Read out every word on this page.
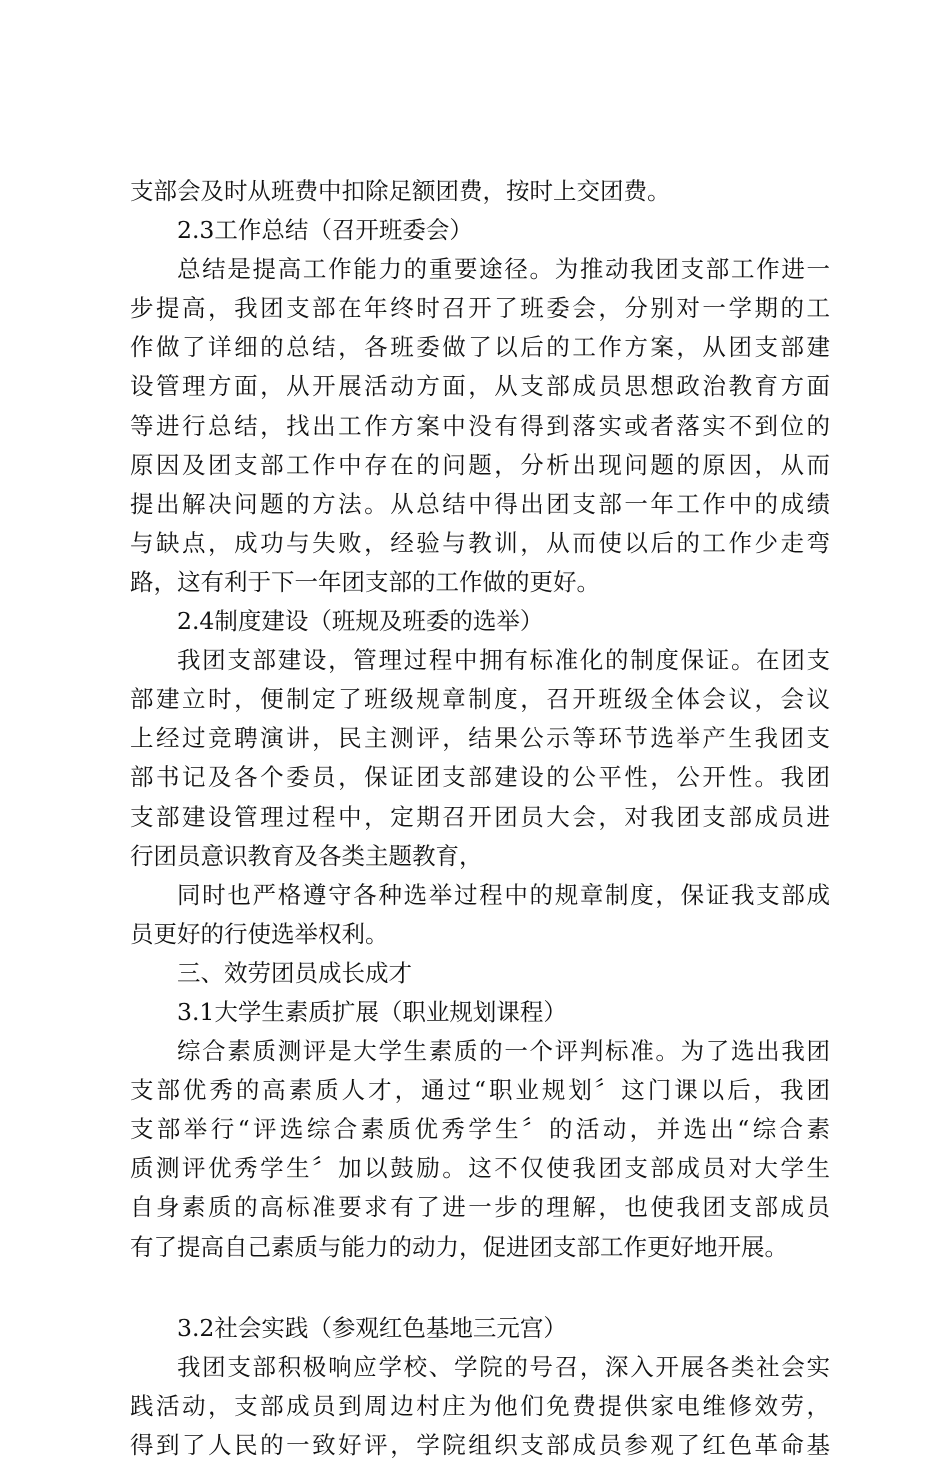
支部会及时从班费中扣除足额团费，按时上交团费。
2.3工作总结（召开班委会）
总结是提高工作能力的重要途径。为推动我团支部工作进一
步提高，我团支部在年终时召开了班委会，分别对一学期的工
作做了详细的总结，各班委做了以后的工作方案，从团支部建
设管理方面，从开展活动方面，从支部成员思想政治教育方面
等进行总结，找出工作方案中没有得到落实或者落实不到位的
原因及团支部工作中存在的问题，分析出现问题的原因，从而
提出解决问题的方法。从总结中得出团支部一年工作中的成绩
与缺点，成功与失败，经验与教训，从而使以后的工作少走弯
路，这有利于下一年团支部的工作做的更好。
2.4制度建设（班规及班委的选举）
我团支部建设，管理过程中拥有标准化的制度保证。在团支
部建立时，便制定了班级规章制度，召开班级全体会议，会议
上经过竞聘演讲，民主测评，结果公示等环节选举产生我团支
部书记及各个委员，保证团支部建设的公平性，公开性。我团
支部建设管理过程中，定期召开团员大会，对我团支部成员进
行团员意识教育及各类主题教育，
同时也严格遵守各种选举过程中的规章制度，保证我支部成
员更好的行使选举权利。
三、效劳团员成长成才
3.1大学生素质扩展（职业规划课程）
综合素质测评是大学生素质的一个评判标准。为了选出我团
支部优秀的高素质人才，通过“职业规划〞这门课以后，我团
支部举行“评选综合素质优秀学生〞的活动，并选出“综合素
质测评优秀学生〞加以鼓励。这不仅使我团支部成员对大学生
自身素质的高标准要求有了进一步的理解，也使我团支部成员
有了提高自己素质与能力的动力，促进团支部工作更好地开展。
3.2社会实践（参观红色基地三元宫）
我团支部积极响应学校、学院的号召，深入开展各类社会实
践活动，支部成员到周边村庄为他们免费提供家电维修效劳，
得到了人民的一致好评，学院组织支部成员参观了红色革命基
